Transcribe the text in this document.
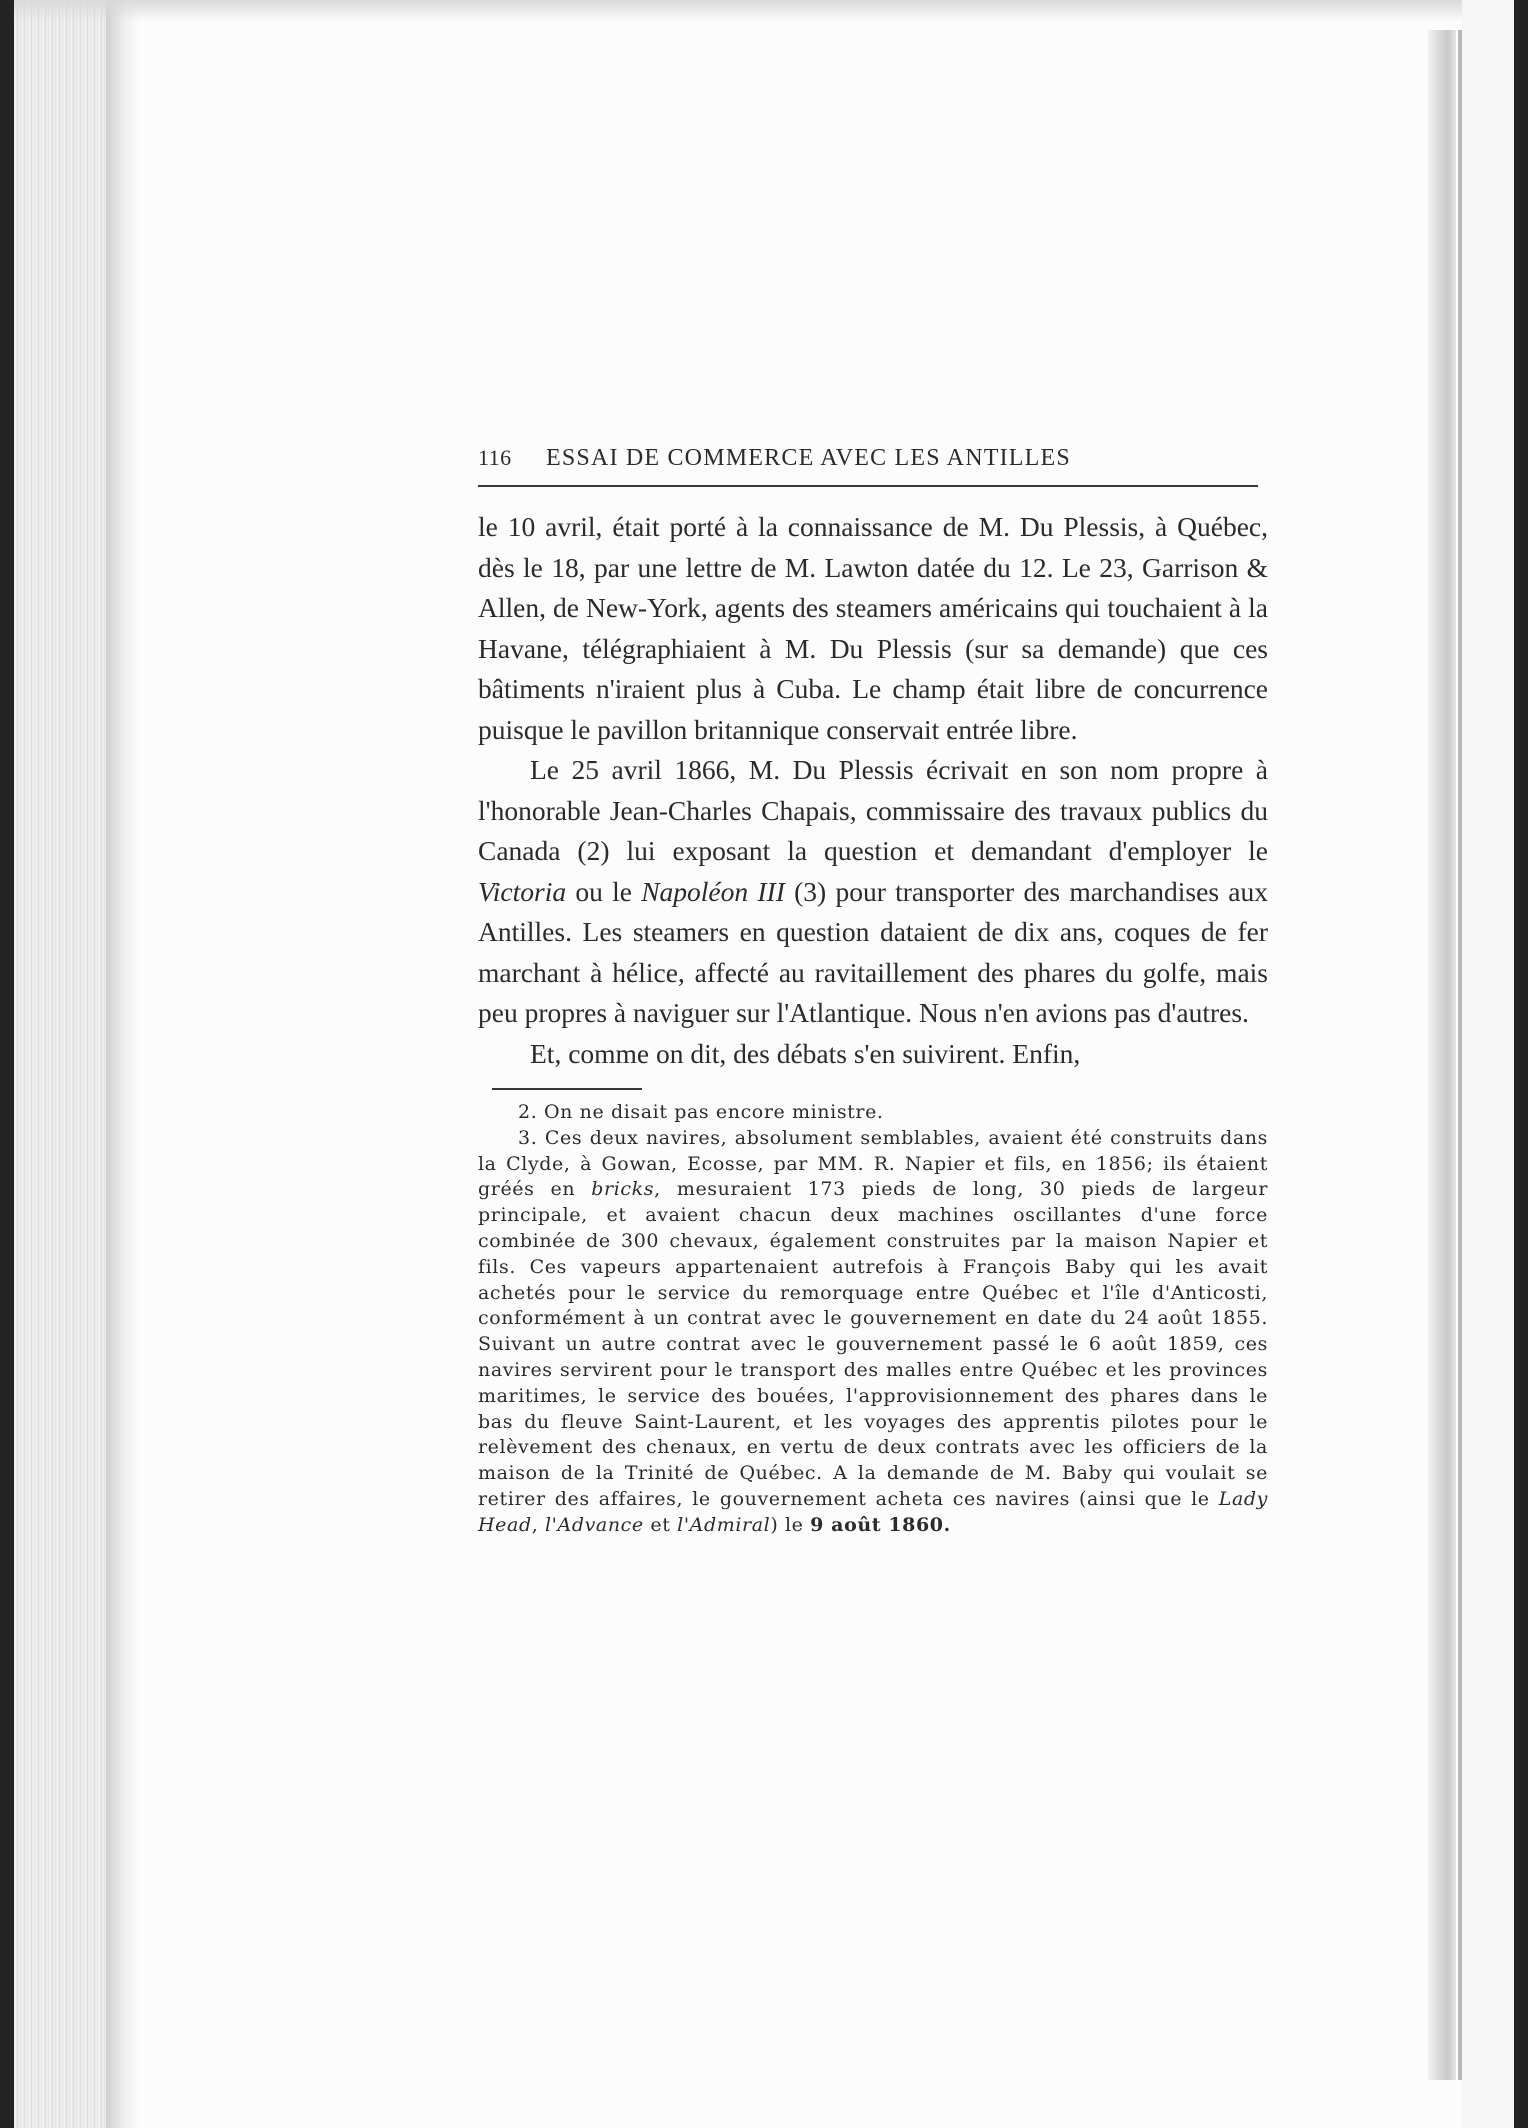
116	ESSAI DE COMMERCE AVEC LES ANTILLES

le 10 avril, était porté à la connaissance de M. Du Plessis, à Québec, dès le 18, par une lettre de M. Lawton datée du 12. Le 23, Garrison & Allen, de New-York, agents des steamers américains qui touchaient à la Havane, télégraphiaient à M. Du Plessis (sur sa demande) que ces bâtiments n'iraient plus à Cuba. Le champ était libre de concurrence puisque le pavillon britannique conservait entrée libre.

Le 25 avril 1866, M. Du Plessis écrivait en son nom propre à l'honorable Jean-Charles Chapais, commissaire des travaux publics du Canada (2) lui exposant la question et demandant d'employer le Victoria ou le Napoléon III (3) pour transporter des marchandises aux Antilles. Les steamers en question dataient de dix ans, coques de fer marchant à hélice, affecté au ravitaillement des phares du golfe, mais peu propres à naviguer sur l'Atlantique. Nous n'en avions pas d'autres.

Et, comme on dit, des débats s'en suivirent. Enfin,

2. On ne disait pas encore ministre.

3. Ces deux navires, absolument semblables, avaient été construits dans la Clyde, à Gowan, Ecosse, par MM. R. Napier et fils, en 1856; ils étaient gréés en bricks, mesuraient 173 pieds de long, 30 pieds de largeur principale, et avaient chacun deux machines oscillantes d'une force combinée de 300 chevaux, également construites par la maison Napier et fils. Ces vapeurs appartenaient autrefois à François Baby qui les avait achetés pour le service du remorquage entre Québec et l'île d'Anticosti, conformément à un contrat avec le gouvernement en date du 24 août 1855. Suivant un autre contrat avec le gouvernement passé le 6 août 1859, ces navires servirent pour le transport des malles entre Québec et les provinces maritimes, le service des bouées, l'approvisionnement des phares dans le bas du fleuve Saint-Laurent, et les voyages des apprentis pilotes pour le relèvement des chenaux, en vertu de deux contrats avec les officiers de la maison de la Trinité de Québec. A la demande de M. Baby qui voulait se retirer des affaires, le gouvernement acheta ces navires (ainsi que le Lady Head, l'Advance et l'Admiral) le 9 août 1860.
